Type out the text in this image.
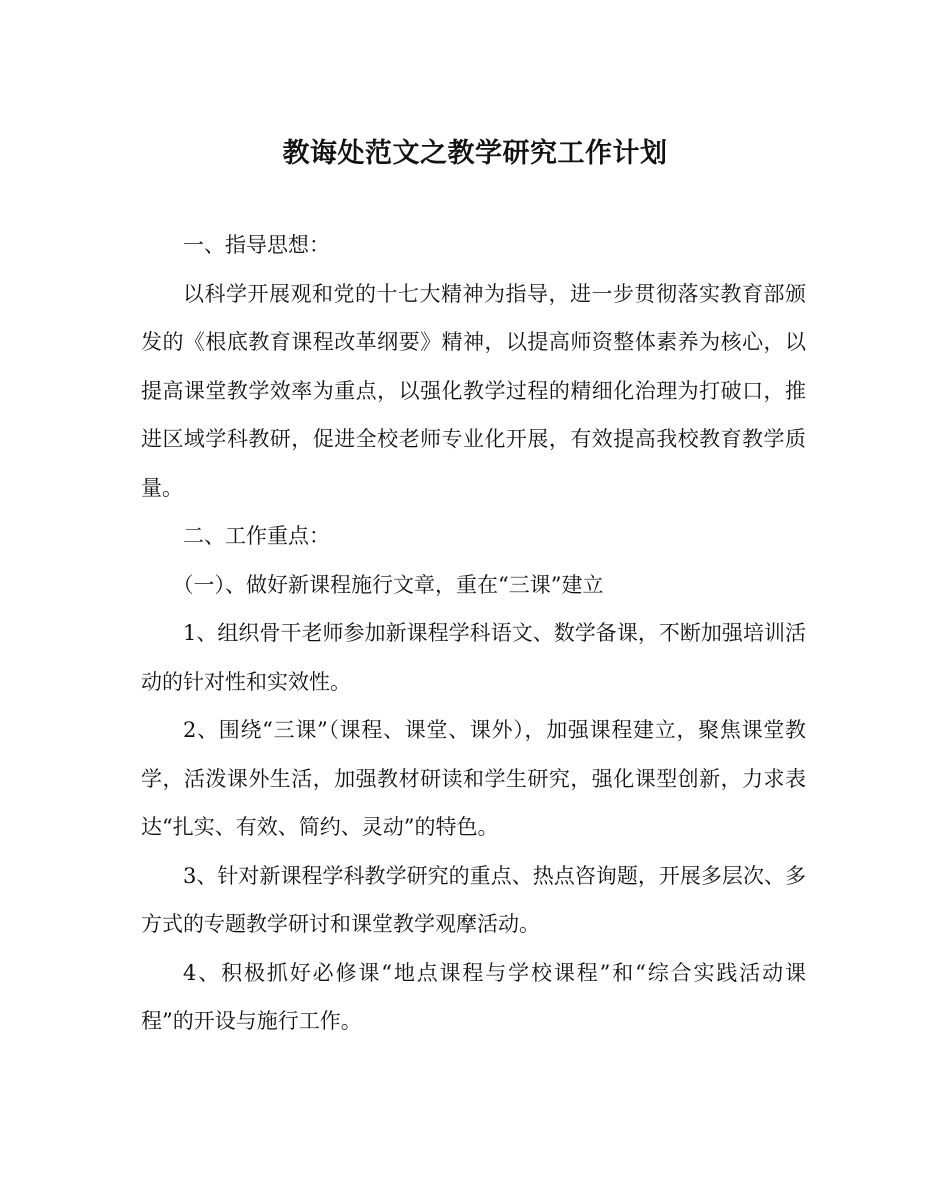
教诲处范文之教学研究工作计划

一、指导思想：

以科学开展观和党的十七大精神为指导，进一步贯彻落实教育部颁发的《根底教育课程改革纲要》精神，以提高师资整体素养为核心，以提高课堂教学效率为重点，以强化教学过程的精细化治理为打破口，推进区域学科教研，促进全校老师专业化开展，有效提高我校教育教学质量。

二、工作重点：

（一）、做好新课程施行文章，重在“三课”建立

1、组织骨干老师参加新课程学科语文、数学备课，不断加强培训活动的针对性和实效性。

2、围绕“三课”（课程、课堂、课外），加强课程建立，聚焦课堂教学，活泼课外生活，加强教材研读和学生研究，强化课型创新，力求表达“扎实、有效、简约、灵动”的特色。

3、针对新课程学科教学研究的重点、热点咨询题，开展多层次、多方式的专题教学研讨和课堂教学观摩活动。

4、积极抓好必修课“地点课程与学校课程”和“综合实践活动课程”的开设与施行工作。
